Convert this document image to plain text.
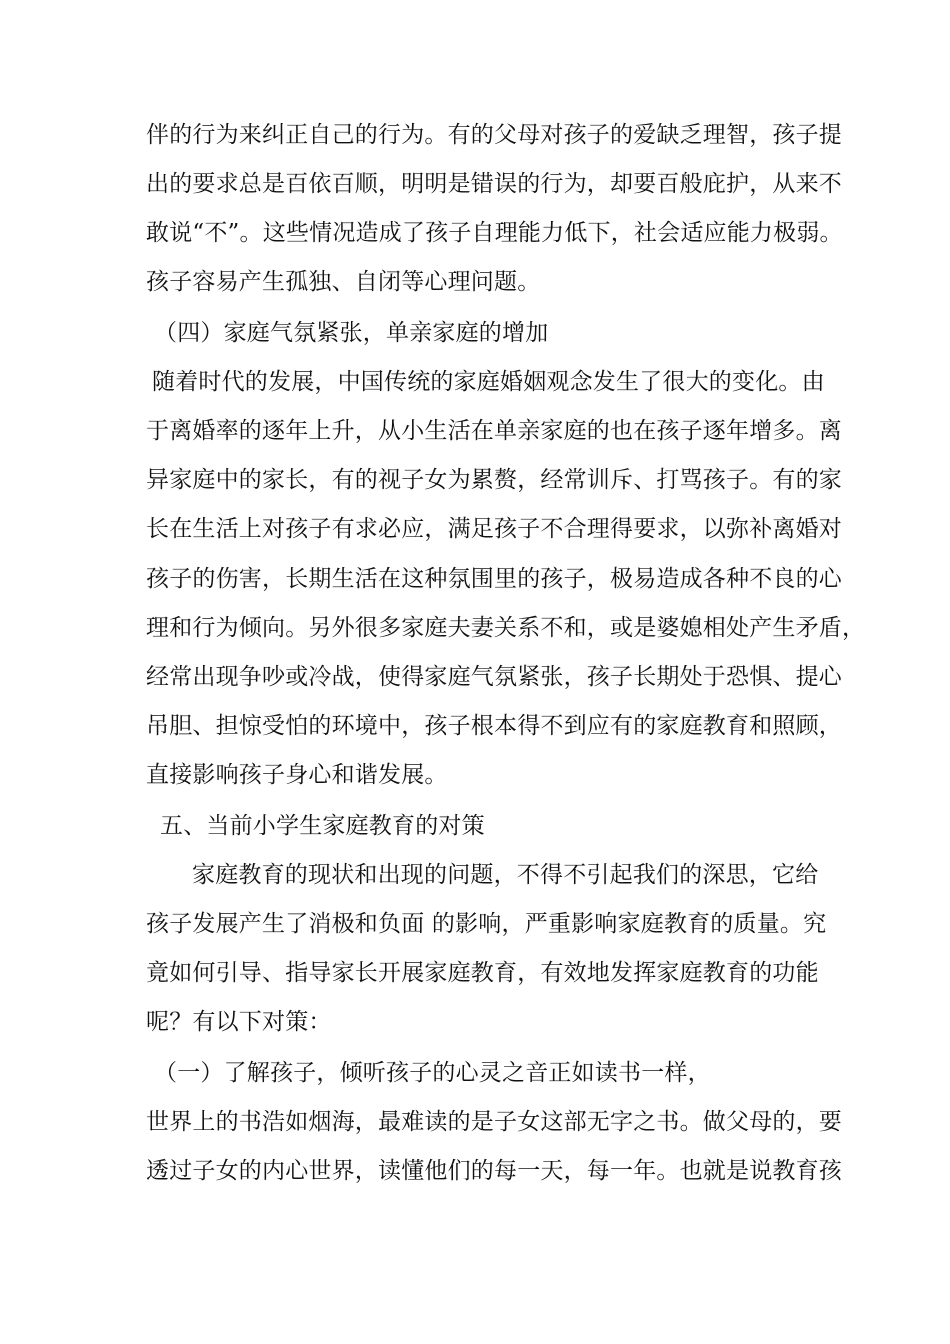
伴的行为来纠正自己的行为。有的父母对孩子的爱缺乏理智，孩子提
出的要求总是百依百顺，明明是错误的行为，却要百般庇护，从来不
敢说“不”。这些情况造成了孩子自理能力低下，社会适应能力极弱。
孩子容易产生孤独、自闭等心理问题。
（四）家庭气氛紧张，单亲家庭的增加
随着时代的发展，中国传统的家庭婚姻观念发生了很大的变化。由
于离婚率的逐年上升，从小生活在单亲家庭的也在孩子逐年增多。离
异家庭中的家长，有的视子女为累赘，经常训斥、打骂孩子。有的家
长在生活上对孩子有求必应，满足孩子不合理得要求，以弥补离婚对
孩子的伤害，长期生活在这种氛围里的孩子，极易造成各种不良的心
理和行为倾向。另外很多家庭夫妻关系不和，或是婆媳相处产生矛盾，
经常出现争吵或冷战，使得家庭气氛紧张，孩子长期处于恐惧、提心
吊胆、担惊受怕的环境中，孩子根本得不到应有的家庭教育和照顾，
直接影响孩子身心和谐发展。
五、当前小学生家庭教育的对策
家庭教育的现状和出现的问题，不得不引起我们的深思，它给
孩子发展产生了消极和负面 的影响，严重影响家庭教育的质量。究
竟如何引导、指导家长开展家庭教育，有效地发挥家庭教育的功能
呢？有以下对策：
（一）了解孩子，倾听孩子的心灵之音正如读书一样，
世界上的书浩如烟海，最难读的是子女这部无字之书。做父母的，要
透过子女的内心世界，读懂他们的每一天，每一年。也就是说教育孩
